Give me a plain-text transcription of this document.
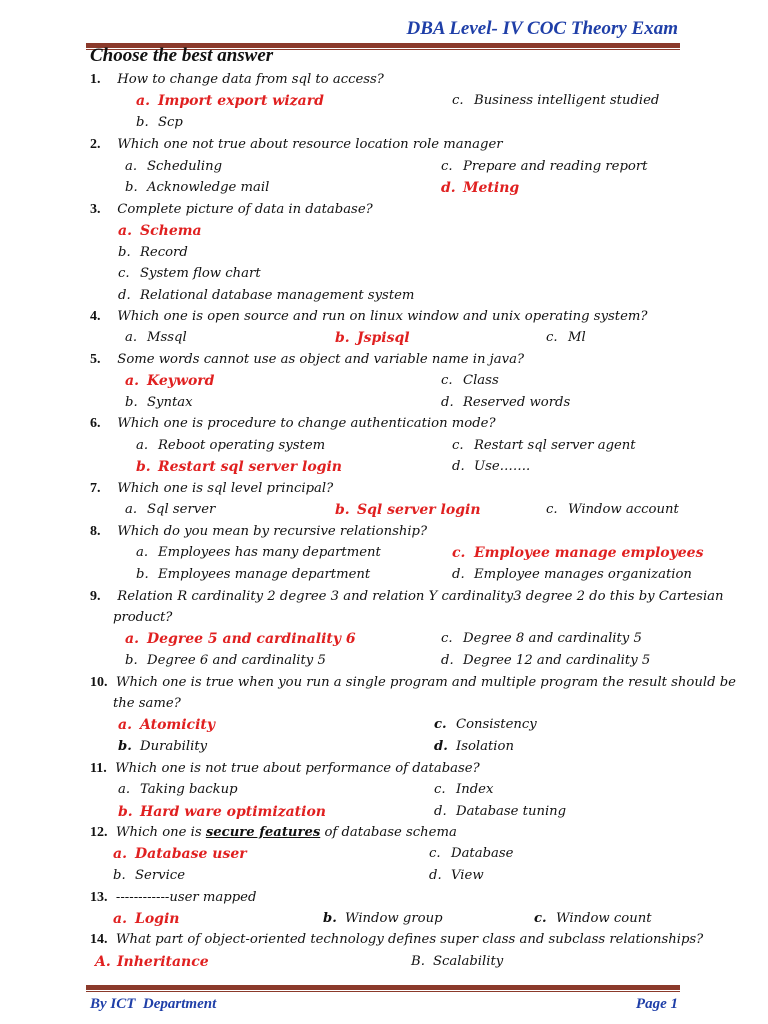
DBA Level- IV COC Theory Exam
Choose the best answer
1. How to change data from sql to access?
a. Import export wizard	c. Business intelligent studied
b. Scp
2. Which one not true about resource location role manager
a. Scheduling	c. Prepare and reading report
b. Acknowledge mail	d. Meting
3. Complete picture of data in database?
a. Schema
b. Record
c. System flow chart
d. Relational database management system
4. Which one is open source and run on linux window and unix operating system?
a. Mssql	b. Jspisql	c. Ml
5. Some words cannot use as object and variable name in java?
a. Keyword	c. Class
b. Syntax	d. Reserved words
6. Which one is procedure to change authentication mode?
a. Reboot operating system	c. Restart sql server agent
b. Restart sql server login	d. Use…….
7. Which one is sql level principal?
a. Sql server	b. Sql server login	c. Window account
8. Which do you mean by recursive relationship?
a. Employees has many department	c. Employee manage employees
b. Employees manage department	d. Employee manages organization
9. Relation R cardinality 2 degree 3 and relation Y cardinality3 degree 2 do this by Cartesian
product?
a. Degree 5 and cardinality 6	c. Degree 8 and cardinality 5
b. Degree 6 and cardinality 5	d. Degree 12 and cardinality 5
10. Which one is true when you run a single program and multiple program the result should be
the same?
a. Atomicity	c. Consistency
b. Durability	d. Isolation
11. Which one is not true about performance of database?
a. Taking backup	c. Index
b. Hard ware optimization	d. Database tuning
12. Which one is secure features of database schema
a. Database user	c. Database
b. Service	d. View
13. ------------user mapped
a. Login	b. Window group	c. Window count
14. What part of object-oriented technology defines super class and subclass relationships?
A. Inheritance	B. Scalability
By ICT  Department	Page 1
